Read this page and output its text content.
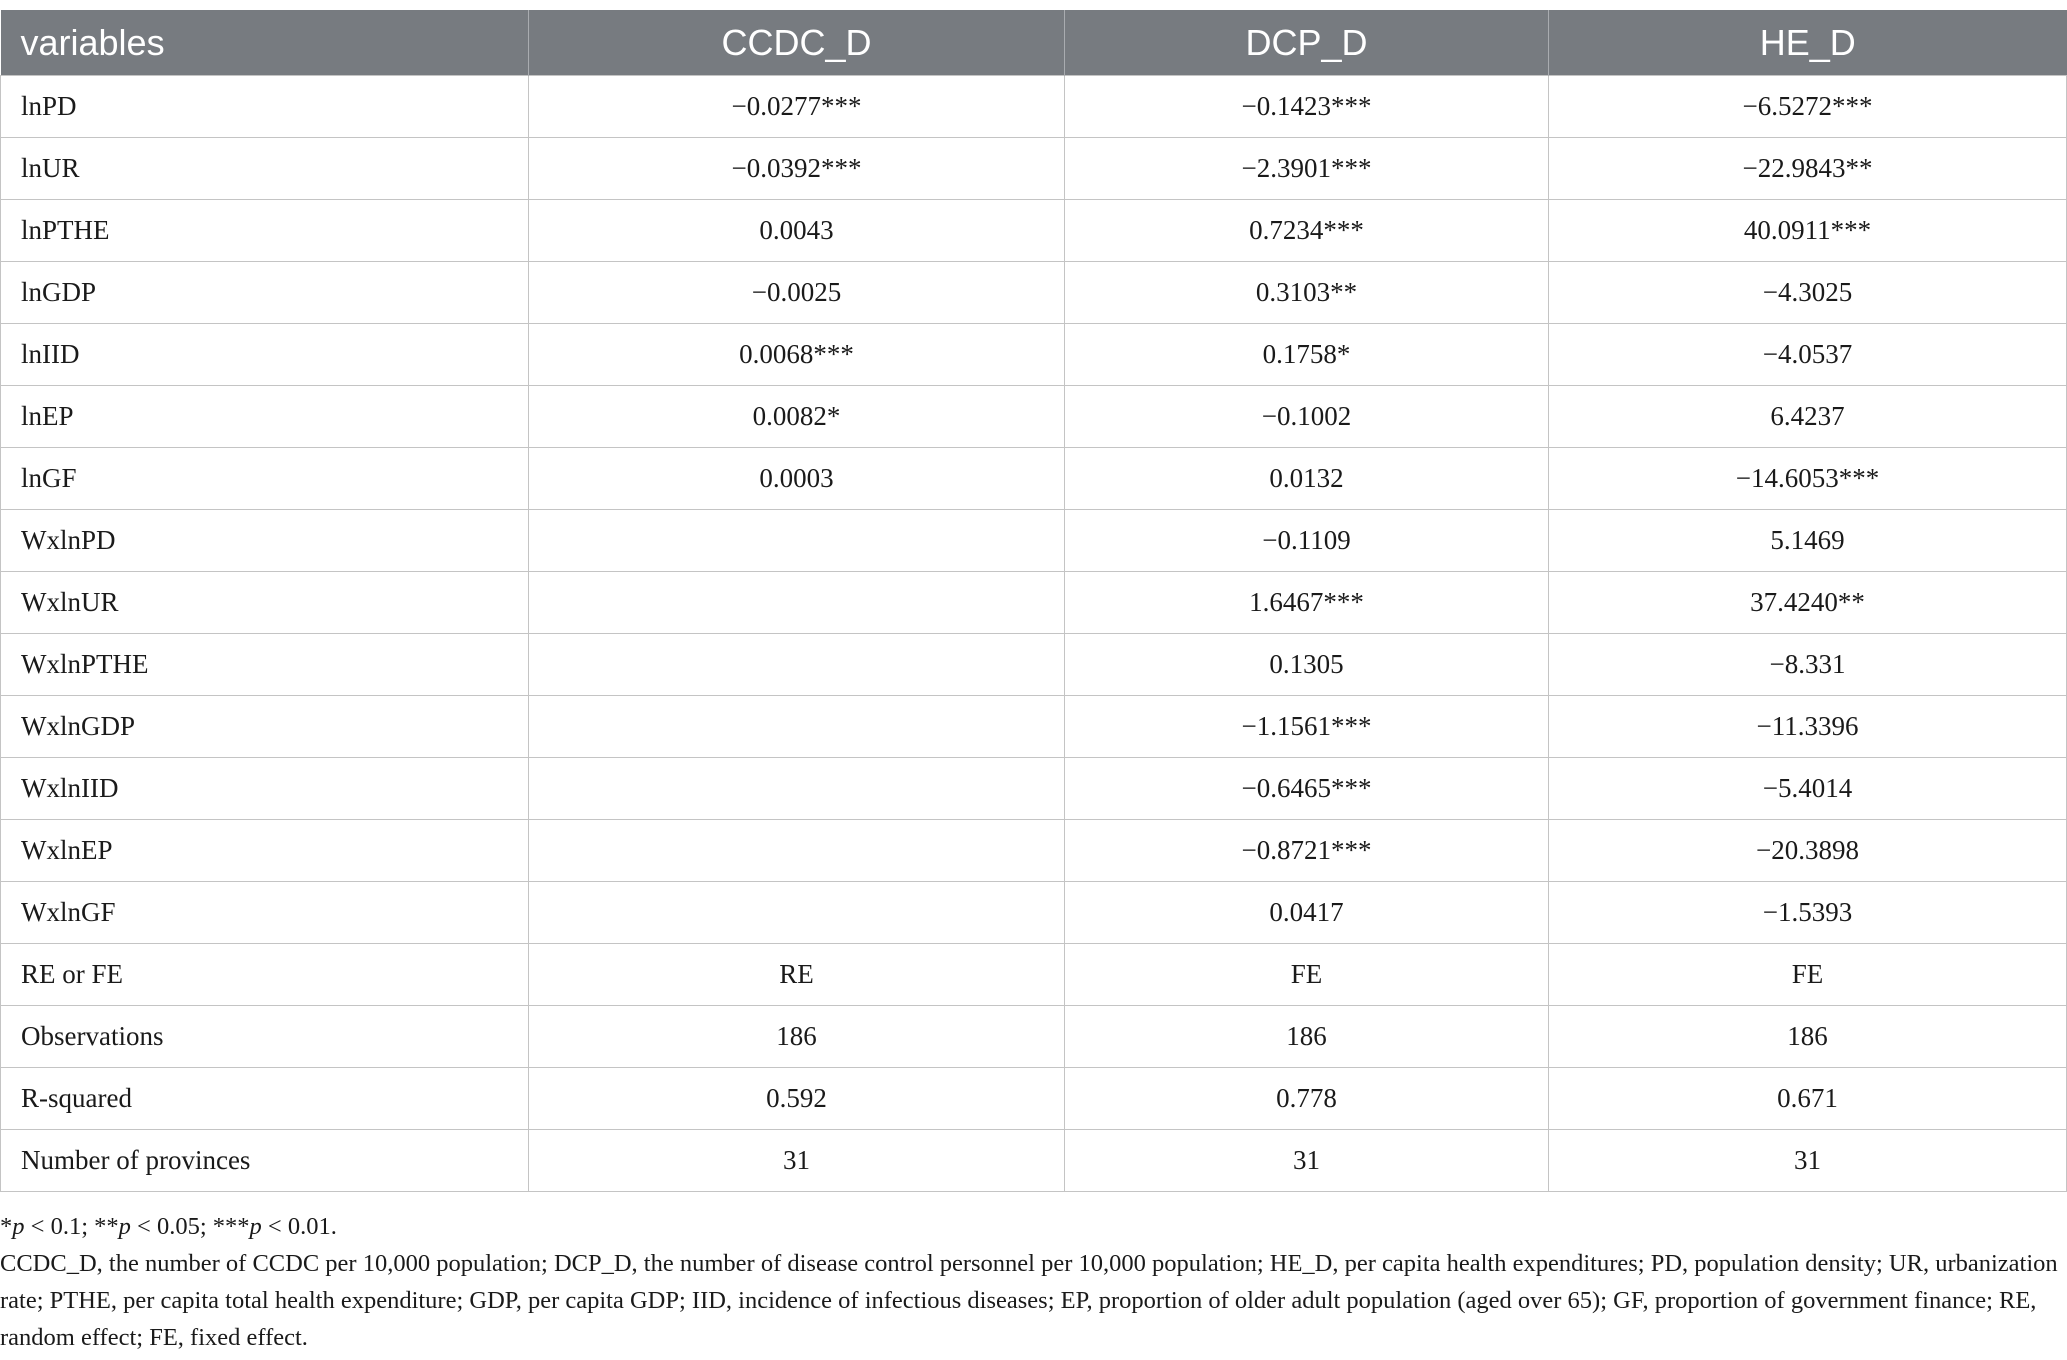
variables	CCDC_D	DCP_D	HE_D
lnPD	−0.0277***	−0.1423***	−6.5272***
lnUR	−0.0392***	−2.3901***	−22.9843**
lnPTHE	0.0043	0.7234***	40.0911***
lnGDP	−0.0025	0.3103**	−4.3025
lnIID	0.0068***	0.1758*	−4.0537
lnEP	0.0082*	−0.1002	6.4237
lnGF	0.0003	0.0132	−14.6053***
WxlnPD		−0.1109	5.1469
WxlnUR		1.6467***	37.4240**
WxlnPTHE		0.1305	−8.331
WxlnGDP		−1.1561***	−11.3396
WxlnIID		−0.6465***	−5.4014
WxlnEP		−0.8721***	−20.3898
WxlnGF		0.0417	−1.5393
RE or FE	RE	FE	FE
Observations	186	186	186
R-squared	0.592	0.778	0.671
Number of provinces	31	31	31

*p < 0.1; **p < 0.05; ***p < 0.01.

CCDC_D, the number of CCDC per 10,000 population; DCP_D, the number of disease control personnel per 10,000 population; HE_D, per capita health expenditures; PD, population density; UR, urbanization rate; PTHE, per capita total health expenditure; GDP, per capita GDP; IID, incidence of infectious diseases; EP, proportion of older adult population (aged over 65); GF, proportion of government finance; RE, random effect; FE, fixed effect.
